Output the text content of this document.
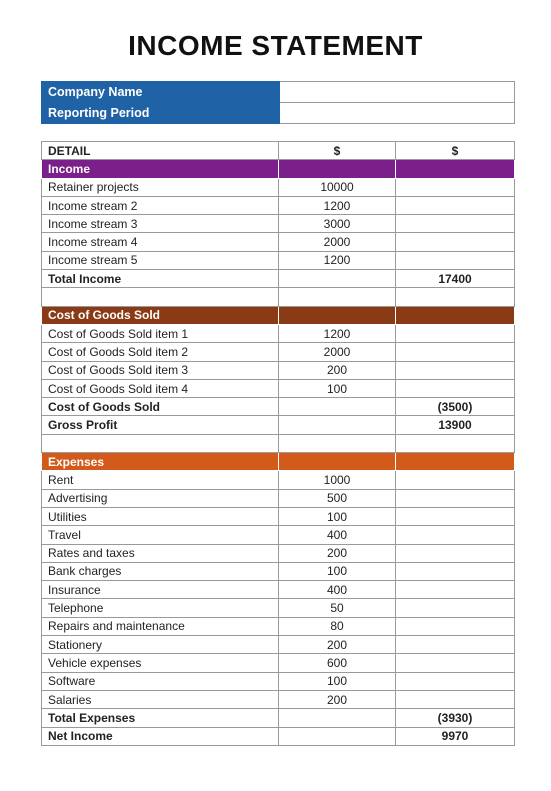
INCOME STATEMENT
Company Name	
Reporting Period	
DETAIL	$	$
Income		
Retainer projects	10000	
Income stream 2	1200	
Income stream 3	3000	
Income stream 4	2000	
Income stream 5	1200	
Total Income		17400

Cost of Goods Sold		
Cost of Goods Sold item 1	1200	
Cost of Goods Sold item 2	2000	
Cost of Goods Sold item 3	200	
Cost of Goods Sold item 4	100	
Cost of Goods Sold		(3500)
Gross Profit		13900

Expenses		
Rent	1000	
Advertising	500	
Utilities	100	
Travel	400	
Rates and taxes	200	
Bank charges	100	
Insurance	400	
Telephone	50	
Repairs and maintenance	80	
Stationery	200	
Vehicle expenses	600	
Software	100	
Salaries	200	
Total Expenses		(3930)
Net Income		9970
